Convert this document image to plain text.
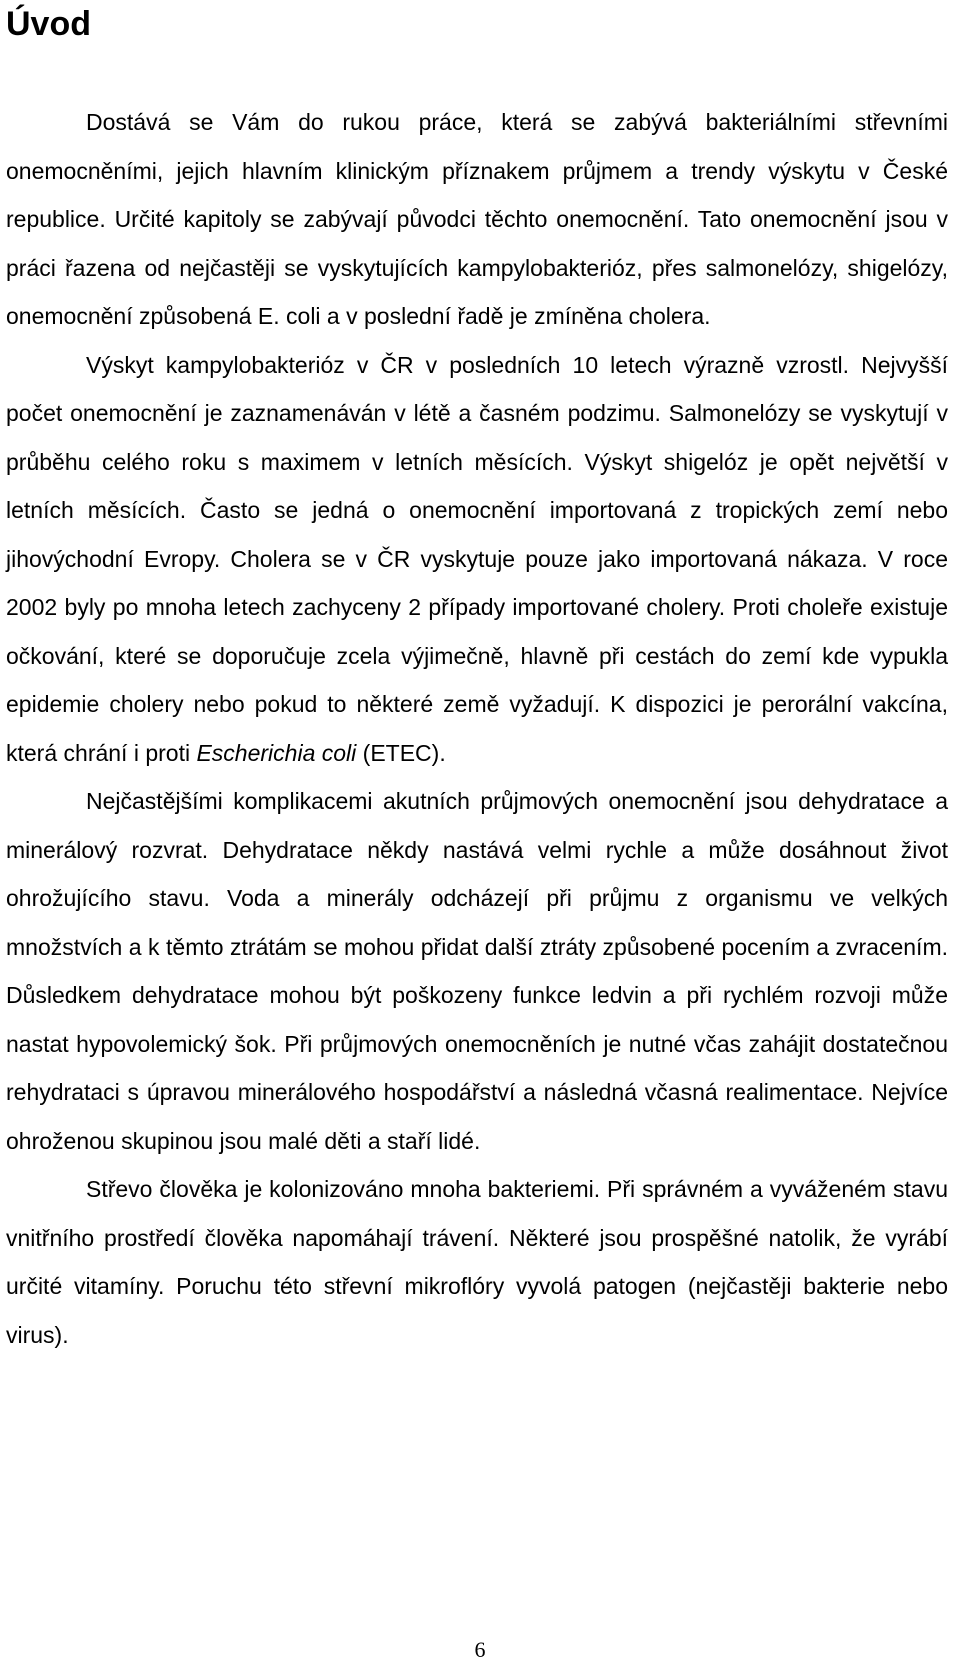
Úvod

Dostává se Vám do rukou práce, která se zabývá bakteriálními střevními onemocněními, jejich hlavním klinickým příznakem průjmem a trendy výskytu v České republice. Určité kapitoly se zabývají původci těchto onemocnění. Tato onemocnění jsou v práci řazena od nejčastěji se vyskytujících kampylobakterióz, přes salmonelózy, shigelózy, onemocnění způsobená E. coli a v poslední řadě je zmíněna cholera.

Výskyt kampylobakterióz v ČR v posledních 10 letech výrazně vzrostl. Nejvyšší počet onemocnění je zaznamenáván v létě a časném podzimu. Salmonelózy se vyskytují v průběhu celého roku s maximem v letních měsících. Výskyt shigelóz je opět největší v letních měsících. Často se jedná o onemocnění importovaná z tropických zemí nebo jihovýchodní Evropy. Cholera se v ČR vyskytuje pouze jako importovaná nákaza. V roce 2002 byly po mnoha letech zachyceny 2 případy importované cholery. Proti choleře existuje očkování, které se doporučuje zcela výjimečně, hlavně při cestách do zemí kde vypukla epidemie cholery nebo pokud to některé země vyžadují. K dispozici je perorální vakcína, která chrání i proti Escherichia coli (ETEC).

Nejčastějšími komplikacemi akutních průjmových onemocnění jsou dehydratace a minerálový rozvrat. Dehydratace někdy nastává velmi rychle a může dosáhnout život ohrožujícího stavu. Voda a minerály odcházejí při průjmu z organismu ve velkých množstvích a k těmto ztrátám se mohou přidat další ztráty způsobené pocením a zvracením. Důsledkem dehydratace mohou být poškozeny funkce ledvin a při rychlém rozvoji může nastat hypovolemický šok. Při průjmových onemocněních je nutné včas zahájit dostatečnou rehydrataci s úpravou minerálového hospodářství a následná včasná realimentace. Nejvíce ohroženou skupinou jsou malé děti a staří lidé.

Střevo člověka je kolonizováno mnoha bakteriemi. Při správném a vyváženém stavu vnitřního prostředí člověka napomáhají trávení. Některé jsou prospěšné natolik, že vyrábí určité vitamíny. Poruchu této střevní mikroflóry vyvolá patogen (nejčastěji bakterie nebo virus).

6
